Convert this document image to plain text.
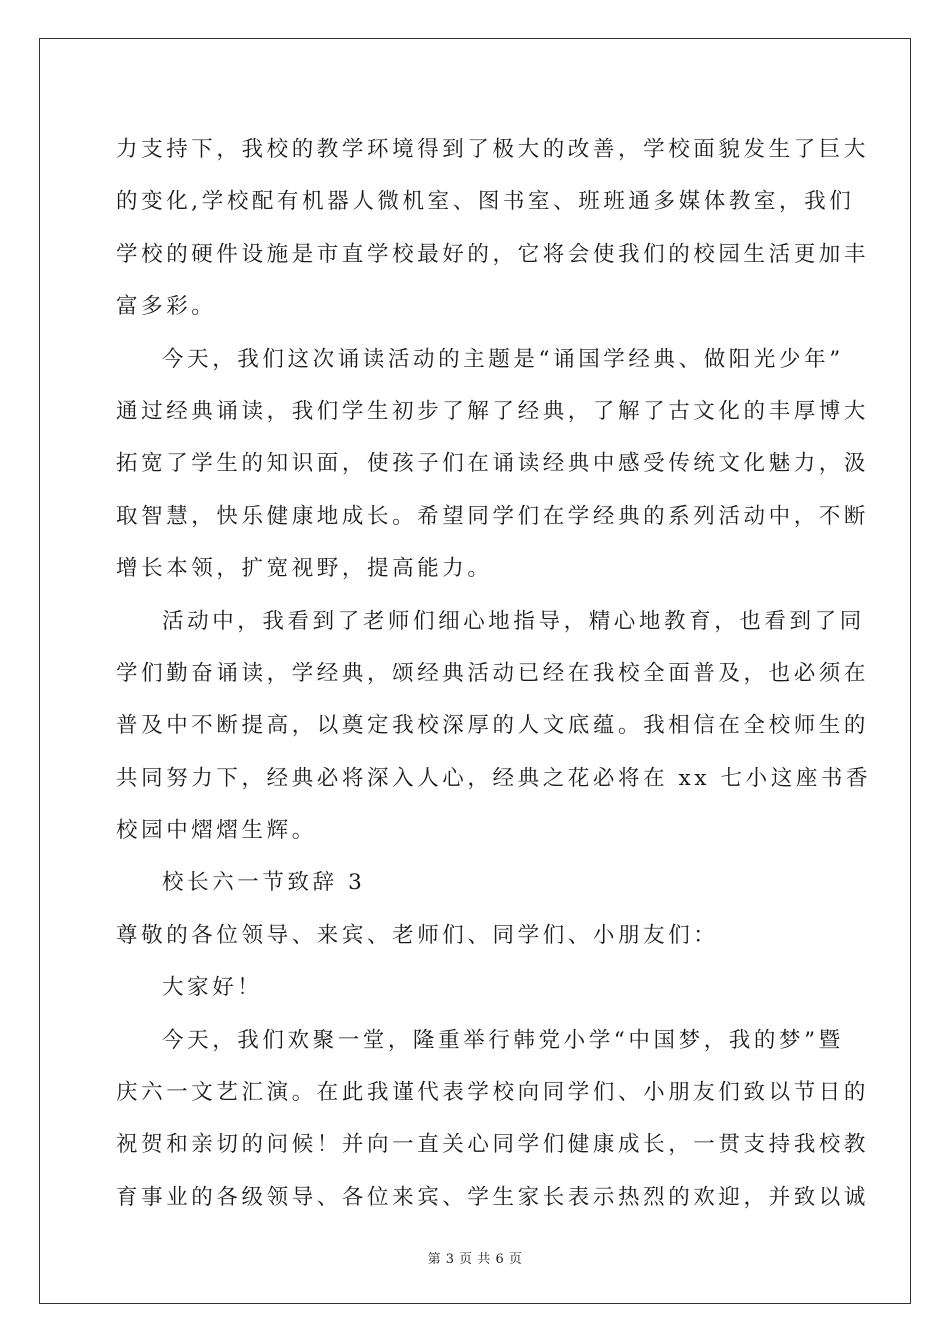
力支持下，我校的教学环境得到了极大的改善，学校面貌发生了巨大
的变化,学校配有机器人微机室、图书室、班班通多媒体教室，我们
学校的硬件设施是市直学校最好的，它将会使我们的校园生活更加丰
富多彩。
今天，我们这次诵读活动的主题是“诵国学经典、做阳光少年”
通过经典诵读，我们学生初步了解了经典，了解了古文化的丰厚博大
拓宽了学生的知识面，使孩子们在诵读经典中感受传统文化魅力，汲
取智慧，快乐健康地成长。希望同学们在学经典的系列活动中，不断
增长本领，扩宽视野，提高能力。
活动中，我看到了老师们细心地指导，精心地教育，也看到了同
学们勤奋诵读，学经典，颂经典活动已经在我校全面普及，也必须在
普及中不断提高，以奠定我校深厚的人文底蕴。我相信在全校师生的
共同努力下，经典必将深入人心，经典之花必将在 xx 七小这座书香
校园中熠熠生辉。
校长六一节致辞 3
尊敬的各位领导、来宾、老师们、同学们、小朋友们：
大家好！
今天，我们欢聚一堂，隆重举行韩党小学“中国梦，我的梦”暨
庆六一文艺汇演。在此我谨代表学校向同学们、小朋友们致以节日的
祝贺和亲切的问候！并向一直关心同学们健康成长，一贯支持我校教
育事业的各级领导、各位来宾、学生家长表示热烈的欢迎，并致以诚
第 3 页 共 6 页
